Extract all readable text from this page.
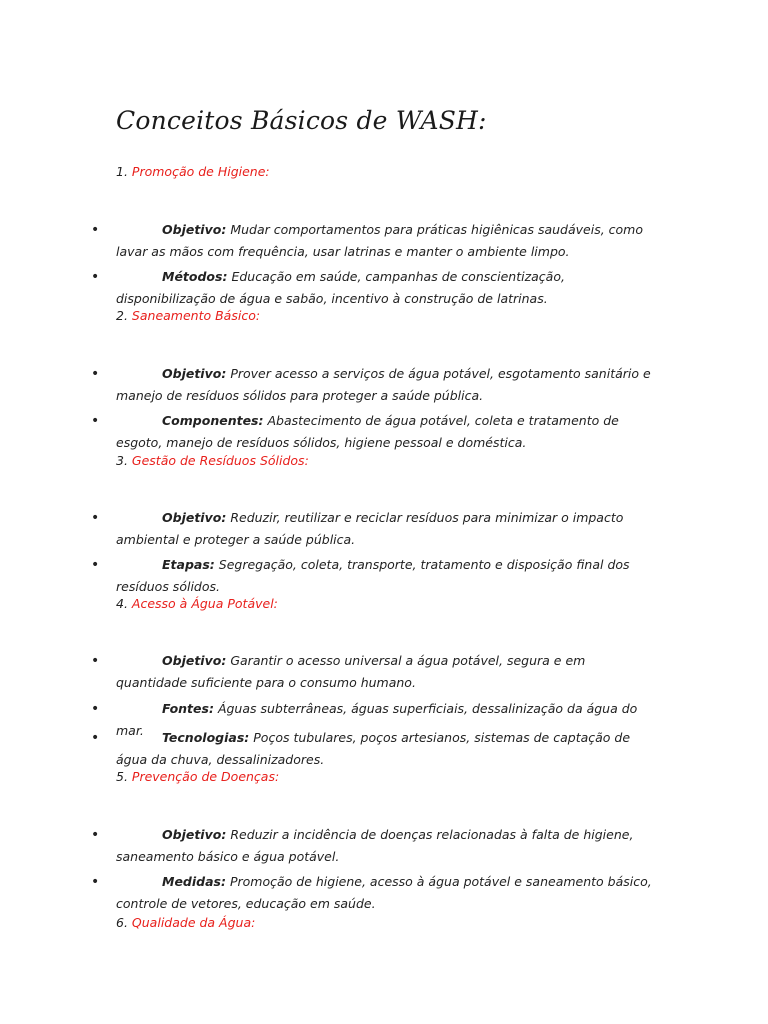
Conceitos Básicos de WASH:

1. Promoção de Higiene:

•	Objetivo: Mudar comportamentos para práticas higiênicas saudáveis, como lavar as mãos com frequência, usar latrinas e manter o ambiente limpo.
•	Métodos: Educação em saúde, campanhas de conscientização, disponibilização de água e sabão, incentivo à construção de latrinas.

2. Saneamento Básico:

•	Objetivo: Prover acesso a serviços de água potável, esgotamento sanitário e manejo de resíduos sólidos para proteger a saúde pública.
•	Componentes: Abastecimento de água potável, coleta e tratamento de esgoto, manejo de resíduos sólidos, higiene pessoal e doméstica.

3. Gestão de Resíduos Sólidos:

•	Objetivo: Reduzir, reutilizar e reciclar resíduos para minimizar o impacto ambiental e proteger a saúde pública.
•	Etapas: Segregação, coleta, transporte, tratamento e disposição final dos resíduos sólidos.

4. Acesso à Água Potável:

•	Objetivo: Garantir o acesso universal a água potável, segura e em quantidade suficiente para o consumo humano.
•	Fontes: Águas subterrâneas, águas superficiais, dessalinização da água do mar.
•	Tecnologias: Poços tubulares, poços artesianos, sistemas de captação de água da chuva, dessalinizadores.

5. Prevenção de Doenças:

•	Objetivo: Reduzir a incidência de doenças relacionadas à falta de higiene, saneamento básico e água potável.
•	Medidas: Promoção de higiene, acesso à água potável e saneamento básico, controle de vetores, educação em saúde.

6. Qualidade da Água:
